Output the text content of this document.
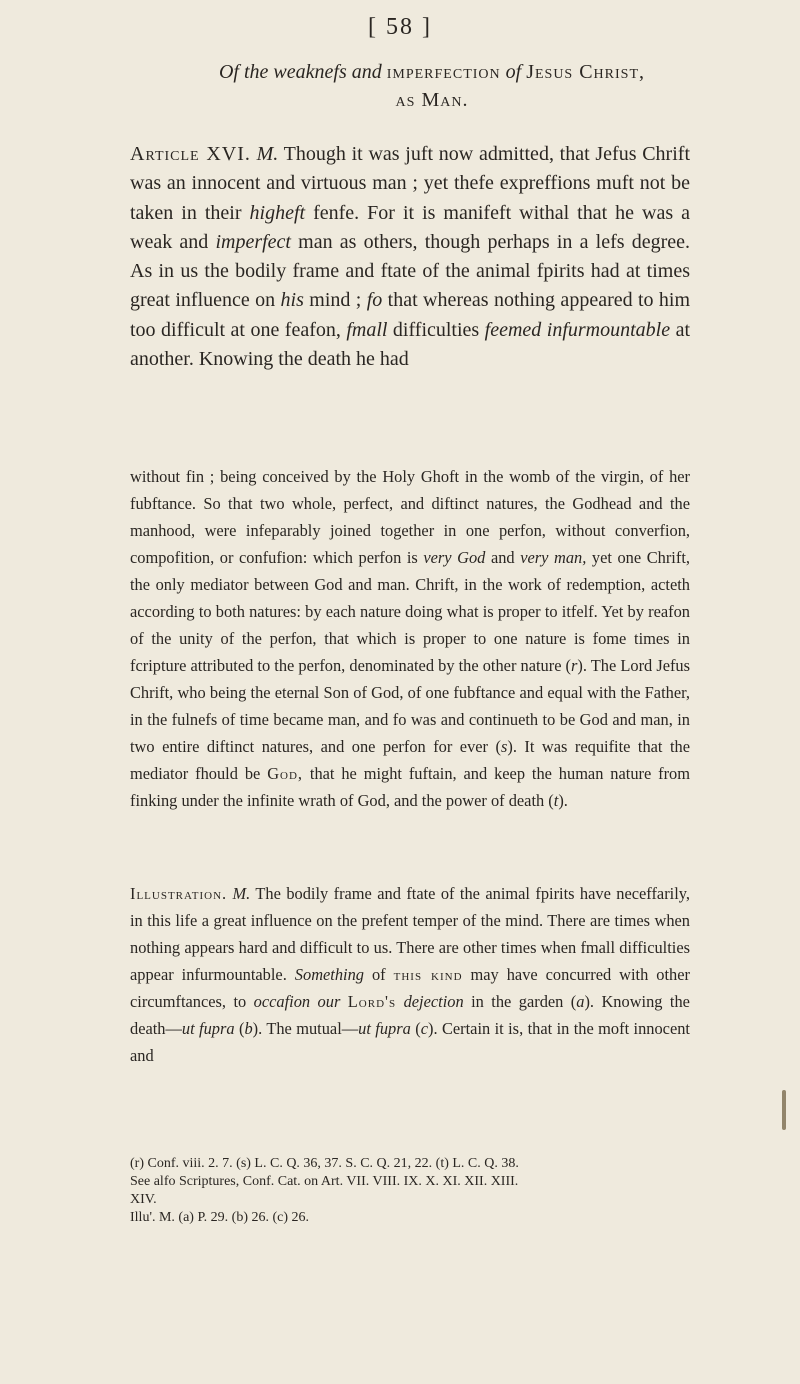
[ 58 ]
Of the weaknefs and imperfection of Jesus Christ,
as Man.
Article XVI. M. Though it was juft now admitted, that Jefus Chrift was an innocent and virtuous man ; yet thefe expreffions muft not be taken in their higheft fenfe. For it is manifeft withal that he was a weak and imperfect man as others, though perhaps in a lefs degree. As in us the bodily frame and ftate of the animal fpirits had at times great influence on his mind ; fo that whereas nothing appeared to him too difficult at one feafon, fmall difficulties feemed infurmountable at another. Knowing the death he had
without fin ; being conceived by the Holy Ghoft in the womb of the virgin, of her fubftance. So that two whole, perfect, and diftinct natures, the Godhead and the manhood, were infeparably joined together in one perfon, without converfion, compofition, or confufion: which perfon is very God and very man, yet one Chrift, the only mediator between God and man. Chrift, in the work of redemption, acteth according to both natures: by each nature doing what is proper to itfelf. Yet by reafon of the unity of the perfon, that which is proper to one nature is fome times in fcripture attributed to the perfon, denominated by the other nature (r). The Lord Jefus Chrift, who being the eternal Son of God, of one fubftance and equal with the Father, in the fulnefs of time became man, and fo was and continueth to be God and man, in two entire diftinct natures, and one perfon for ever (s). It was requifite that the mediator fhould be God, that he might fuftain, and keep the human nature from finking under the infinite wrath of God, and the power of death (t).
Illustration. M. The bodily frame and ftate of the animal fpirits have neceffarily, in this life a great influence on the prefent temper of the mind. There are times when nothing appears hard and difficult to us. There are other times when fmall difficulties appear infurmountable. Something of this kind may have concurred with other circumftances, to occafion our Lord's dejection in the garden (a). Knowing the death—ut fupra (b). The mutual—ut fupra (c). Certain it is, that in the moft innocent and
(r) Conf. viii. 2. 7. (s) L. C. Q. 36, 37. S. C. Q. 21, 22. (t) L. C. Q. 38.
See alfo Scriptures, Conf. Cat. on Art. VII. VIII. IX. X. XI. XII. XIII.
XIV.
Illu'. M. (a) P. 29. (b) 26. (c) 26.
